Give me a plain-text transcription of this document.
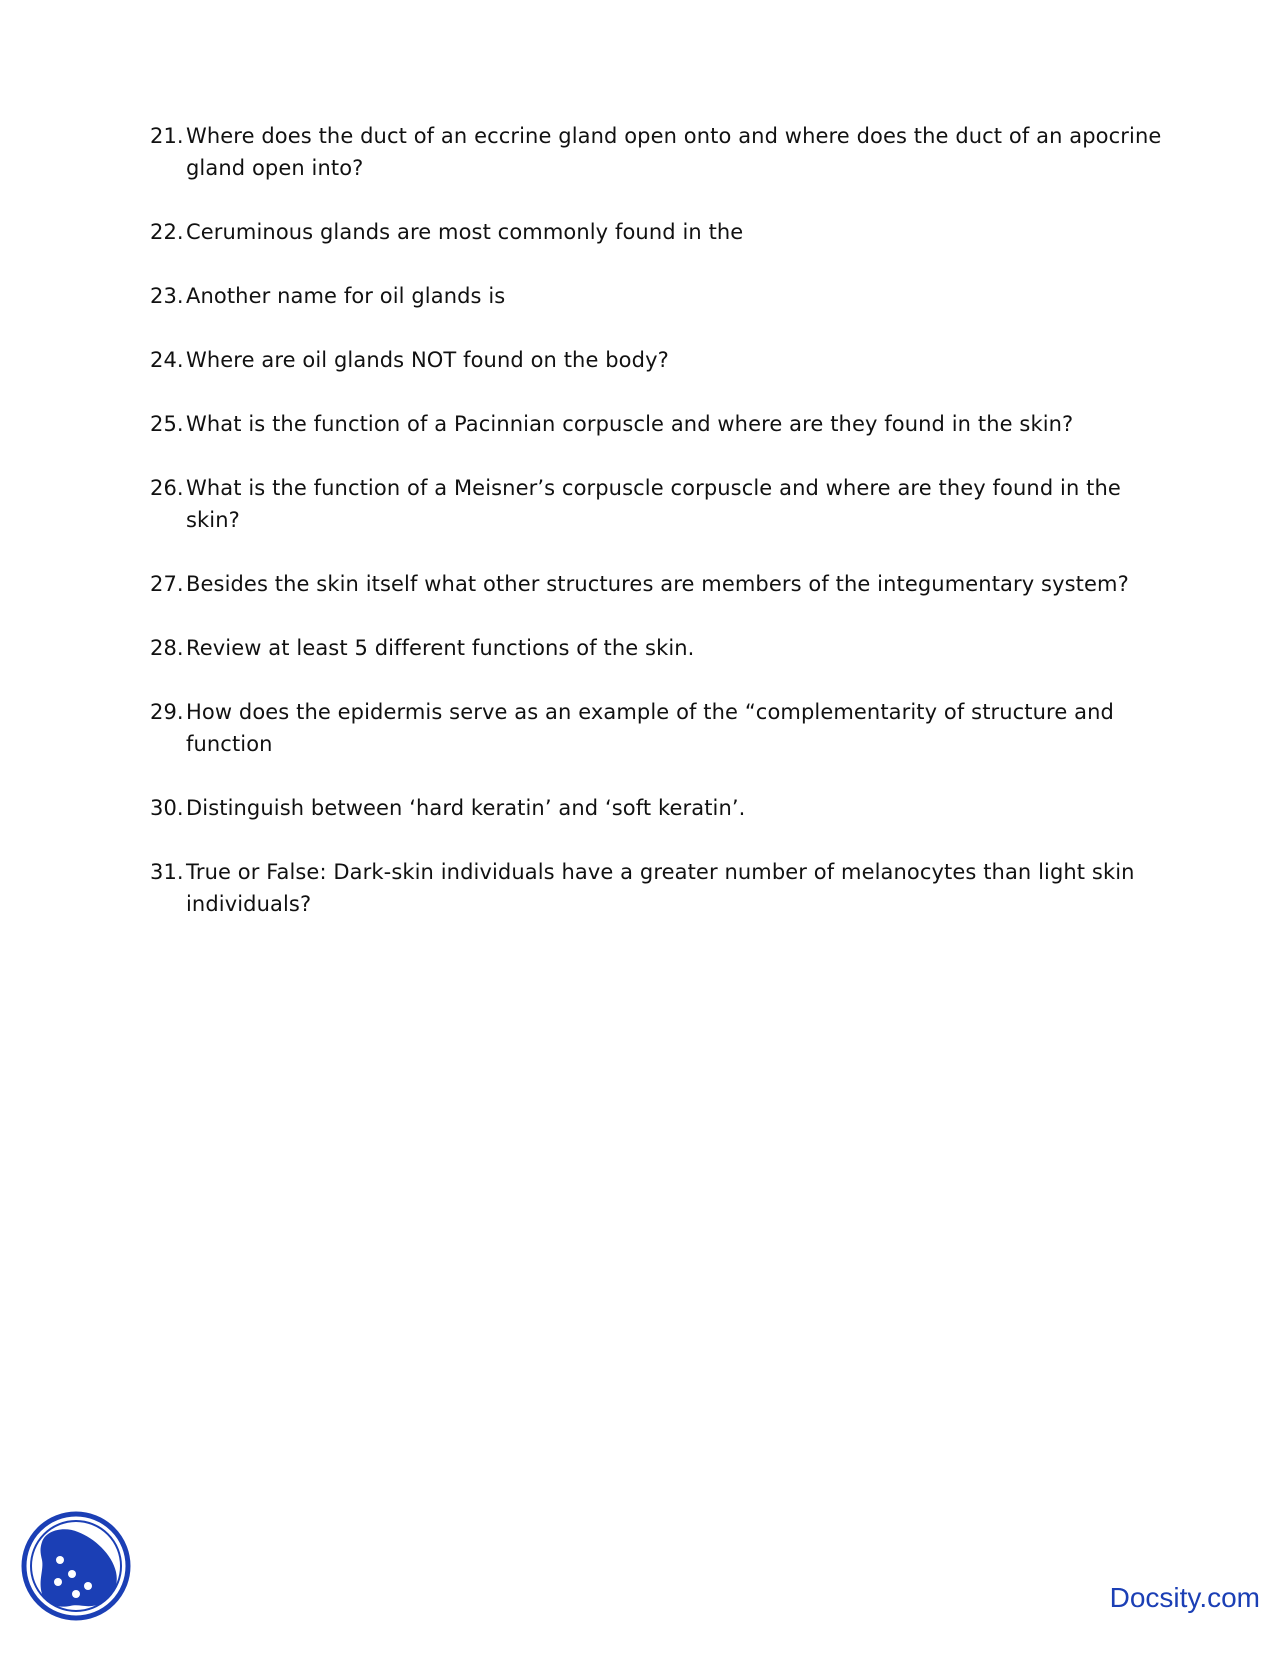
21. Where does the duct of an eccrine gland open onto and where does the duct of an apocrine gland open into?
22. Ceruminous glands are most commonly found in the
23. Another name for oil glands is
24. Where are oil glands NOT found on the body?
25. What is the function of a Pacinnian corpuscle and where are they found in the skin?
26. What is the function of a Meisner’s corpuscle corpuscle and where are they found in the skin?
27. Besides the skin itself what other structures are members of the integumentary system?
28. Review at least 5 different functions of the skin.
29. How does the epidermis serve as an example of the “complementarity of structure and function
30. Distinguish between ‘hard keratin’ and ‘soft keratin’.
31. True or False: Dark-skin individuals have a greater number of melanocytes than light skin individuals?
Docsity.com
